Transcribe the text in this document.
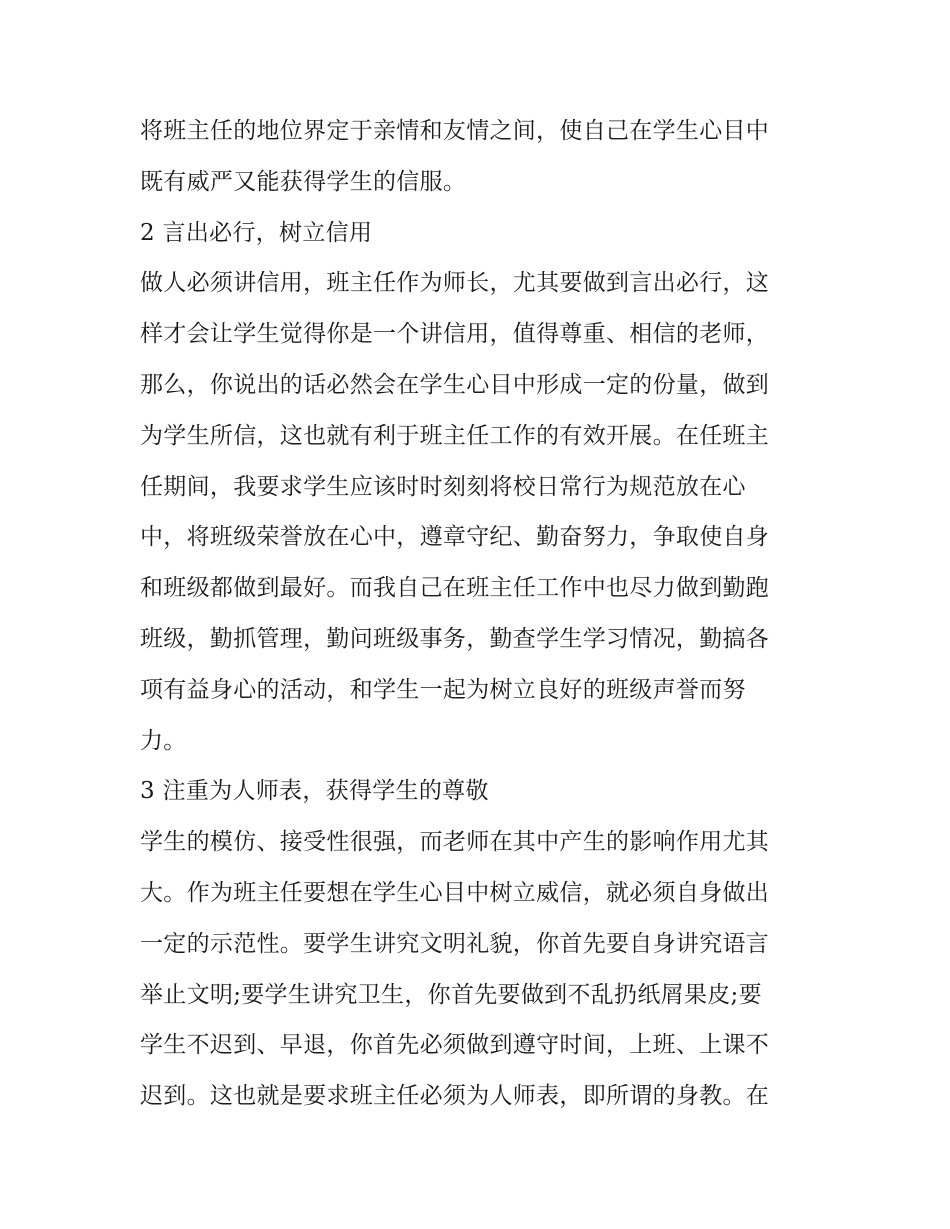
将班主任的地位界定于亲情和友情之间，使自己在学生心目中
既有威严又能获得学生的信服。
2 言出必行，树立信用
做人必须讲信用，班主任作为师长，尤其要做到言出必行，这
样才会让学生觉得你是一个讲信用，值得尊重、相信的老师，
那么，你说出的话必然会在学生心目中形成一定的份量，做到
为学生所信，这也就有利于班主任工作的有效开展。在任班主
任期间，我要求学生应该时时刻刻将校日常行为规范放在心
中，将班级荣誉放在心中，遵章守纪、勤奋努力，争取使自身
和班级都做到最好。而我自己在班主任工作中也尽力做到勤跑
班级，勤抓管理，勤问班级事务，勤查学生学习情况，勤搞各
项有益身心的活动，和学生一起为树立良好的班级声誉而努
力。
3 注重为人师表，获得学生的尊敬
学生的模仿、接受性很强，而老师在其中产生的影响作用尤其
大。作为班主任要想在学生心目中树立威信，就必须自身做出
一定的示范性。要学生讲究文明礼貌，你首先要自身讲究语言
举止文明;要学生讲究卫生，你首先要做到不乱扔纸屑果皮;要
学生不迟到、早退，你首先必须做到遵守时间，上班、上课不
迟到。这也就是要求班主任必须为人师表，即所谓的身教。在
